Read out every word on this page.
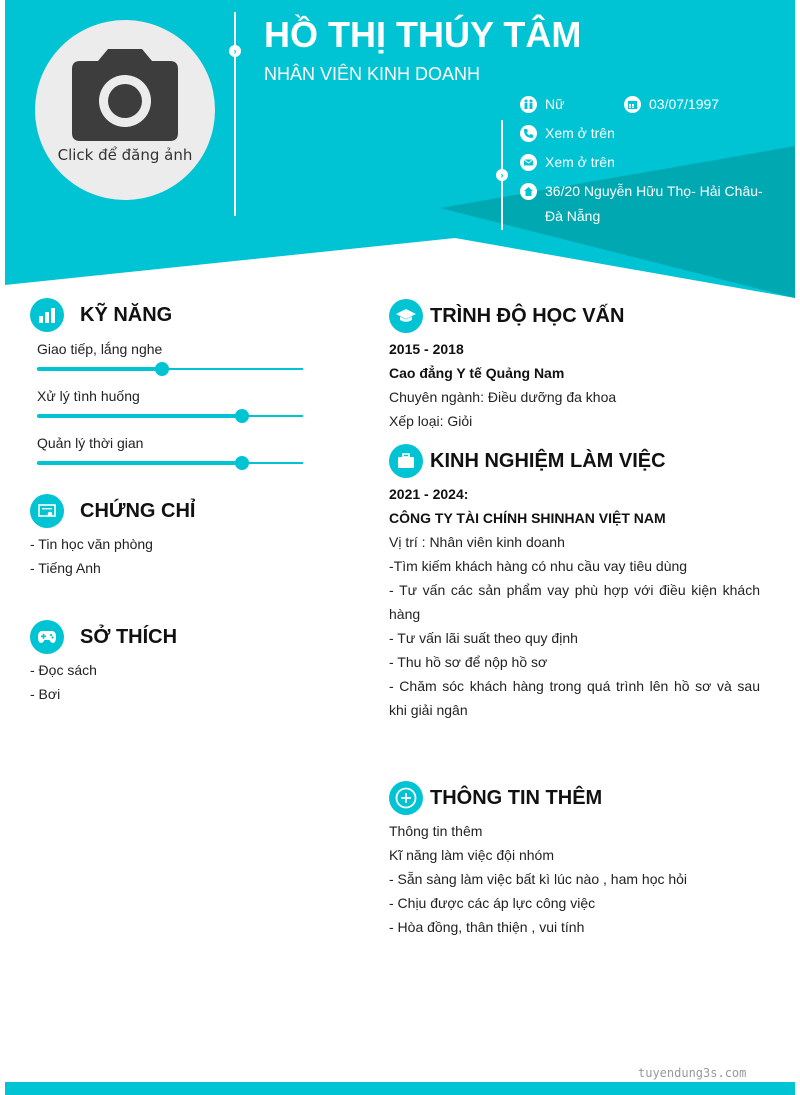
Click để đăng ảnh
› HỒ THỊ THÚY TÂM
NHÂN VIÊN KINH DOANH
›
Nữ	03/07/1997
Xem ở trên
Xem ở trên
36/20 Nguyễn Hữu Thọ- Hải Châu-
Đà Nẵng
KỸ NĂNG
Giao tiếp, lắng nghe
Xử lý tình huống
Quản lý thời gian
CHỨNG CHỈ
- Tin học văn phòng
- Tiếng Anh
SỞ THÍCH
- Đọc sách
- Bơi
TRÌNH ĐỘ HỌC VẤN
2015 - 2018
Cao đẳng Y tế Quảng Nam
Chuyên ngành: Điều dưỡng đa khoa
Xếp loại: Giỏi
KINH NGHIỆM LÀM VIỆC
2021 - 2024:
CÔNG TY TÀI CHÍNH SHINHAN VIỆT NAM
Vị trí : Nhân viên kinh doanh
-Tìm kiếm khách hàng có nhu cầu vay tiêu dùng
- Tư vấn các sản phẩm vay phù hợp với điều kiện khách hàng
- Tư vấn lãi suất theo quy định
- Thu hồ sơ để nộp hồ sơ
- Chăm sóc khách hàng trong quá trình lên hồ sơ và sau khi giải ngân
THÔNG TIN THÊM
Thông tin thêm
Kĩ năng làm việc đội nhóm
- Sẵn sàng làm việc bất kì lúc nào , ham học hỏi
- Chịu được các áp lực công việc
- Hòa đồng, thân thiện , vui tính
tuyendung3s.com
